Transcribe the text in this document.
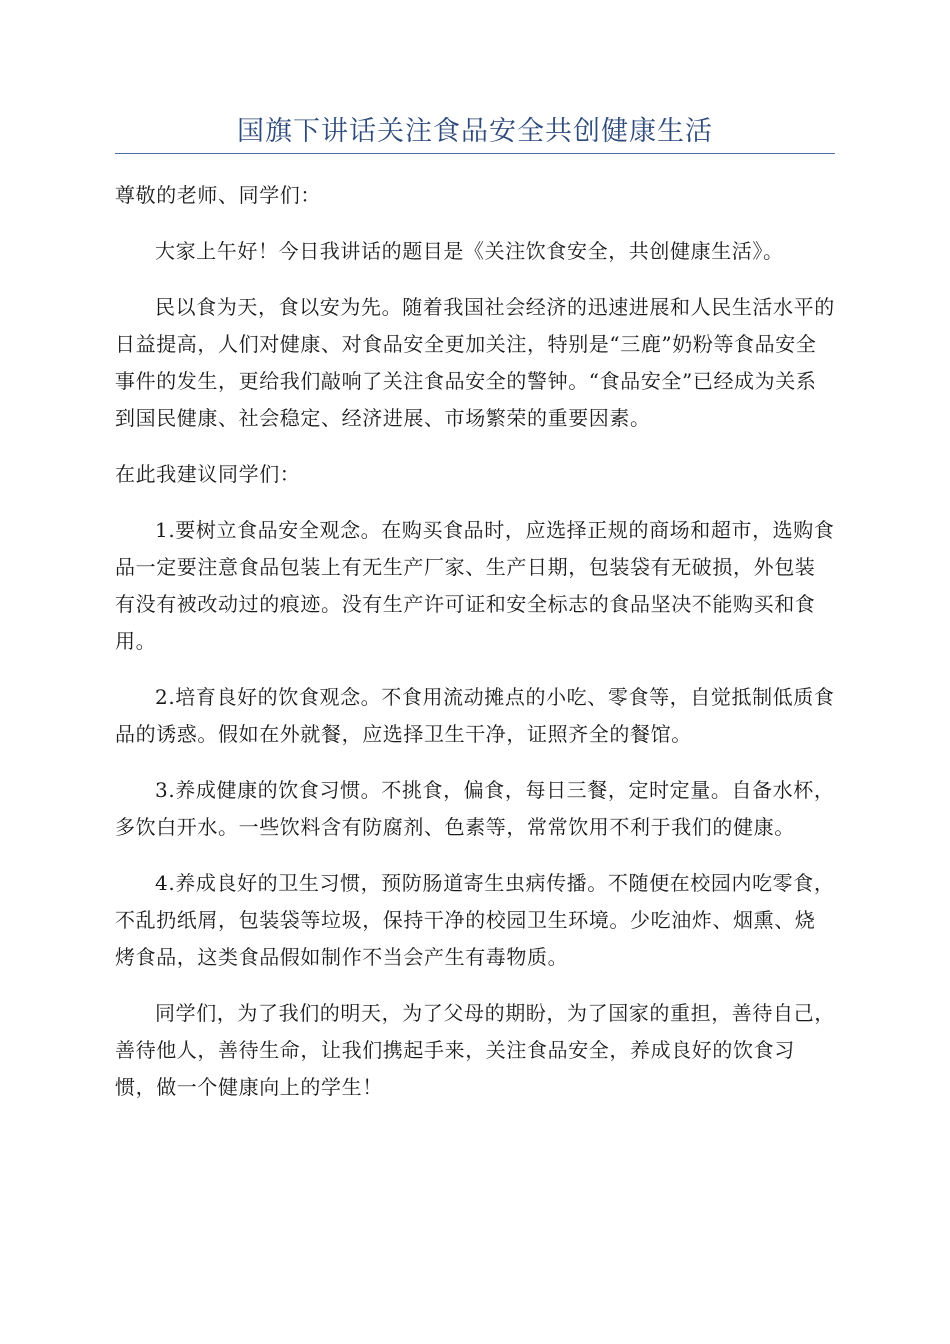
国旗下讲话关注食品安全共创健康生活

尊敬的老师、同学们：

大家上午好！今日我讲话的题目是《关注饮食安全，共创健康生活》。

民以食为天，食以安为先。随着我国社会经济的迅速进展和人民生活水平的日益提高，人们对健康、对食品安全更加关注，特别是“三鹿”奶粉等食品安全事件的发生，更给我们敲响了关注食品安全的警钟。“食品安全”已经成为关系到国民健康、社会稳定、经济进展、市场繁荣的重要因素。

在此我建议同学们：

1.要树立食品安全观念。在购买食品时，应选择正规的商场和超市，选购食品一定要注意食品包装上有无生产厂家、生产日期，包装袋有无破损，外包装有没有被改动过的痕迹。没有生产许可证和安全标志的食品坚决不能购买和食用。

2.培育良好的饮食观念。不食用流动摊点的小吃、零食等，自觉抵制低质食品的诱惑。假如在外就餐，应选择卫生干净，证照齐全的餐馆。

3.养成健康的饮食习惯。不挑食，偏食，每日三餐，定时定量。自备水杯，多饮白开水。一些饮料含有防腐剂、色素等，常常饮用不利于我们的健康。

4.养成良好的卫生习惯，预防肠道寄生虫病传播。不随便在校园内吃零食，不乱扔纸屑，包装袋等垃圾，保持干净的校园卫生环境。少吃油炸、烟熏、烧烤食品，这类食品假如制作不当会产生有毒物质。

同学们，为了我们的明天，为了父母的期盼，为了国家的重担，善待自己，善待他人，善待生命，让我们携起手来，关注食品安全，养成良好的饮食习惯，做一个健康向上的学生！
